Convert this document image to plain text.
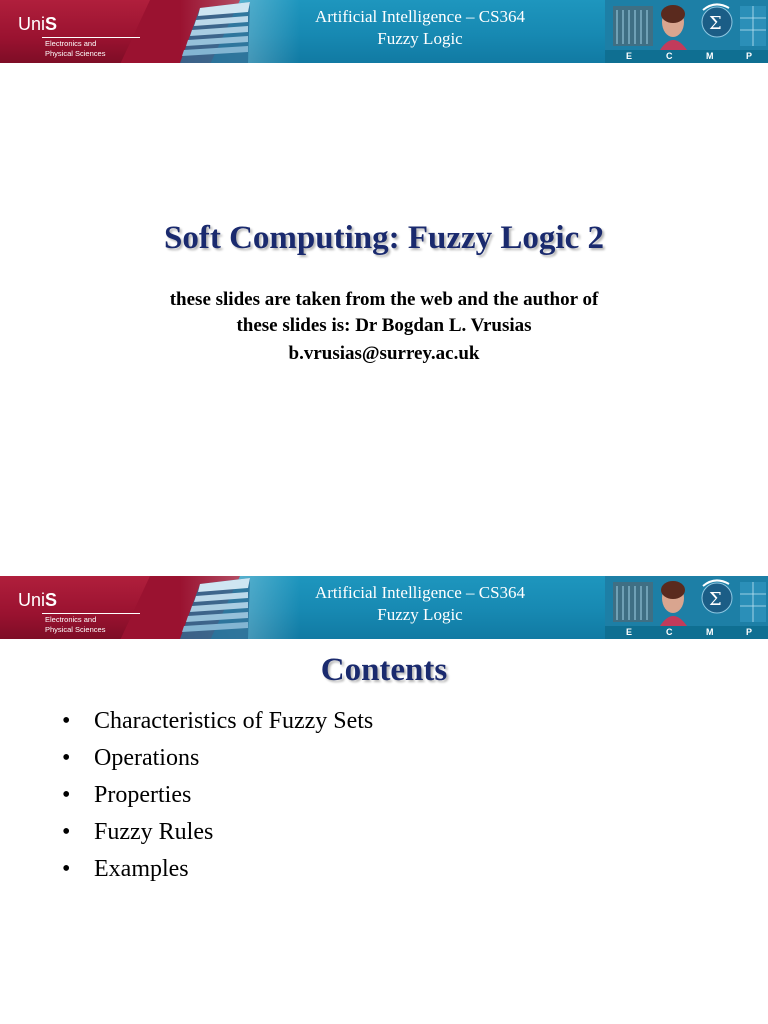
UniS
Electronics and
Physical Sciences
Artificial Intelligence – CS364
Fuzzy Logic
Σ
E	C	M	P
Soft Computing: Fuzzy Logic 2
these slides are taken from the web and the author of
these slides is: Dr Bogdan L. Vrusias
b.vrusias@surrey.ac.uk
UniS
Electronics and
Physical Sciences
Artificial Intelligence – CS364
Fuzzy Logic
Σ
E	C	M	P
Contents
• Characteristics of Fuzzy Sets
• Operations
• Properties
• Fuzzy Rules
• Examples
